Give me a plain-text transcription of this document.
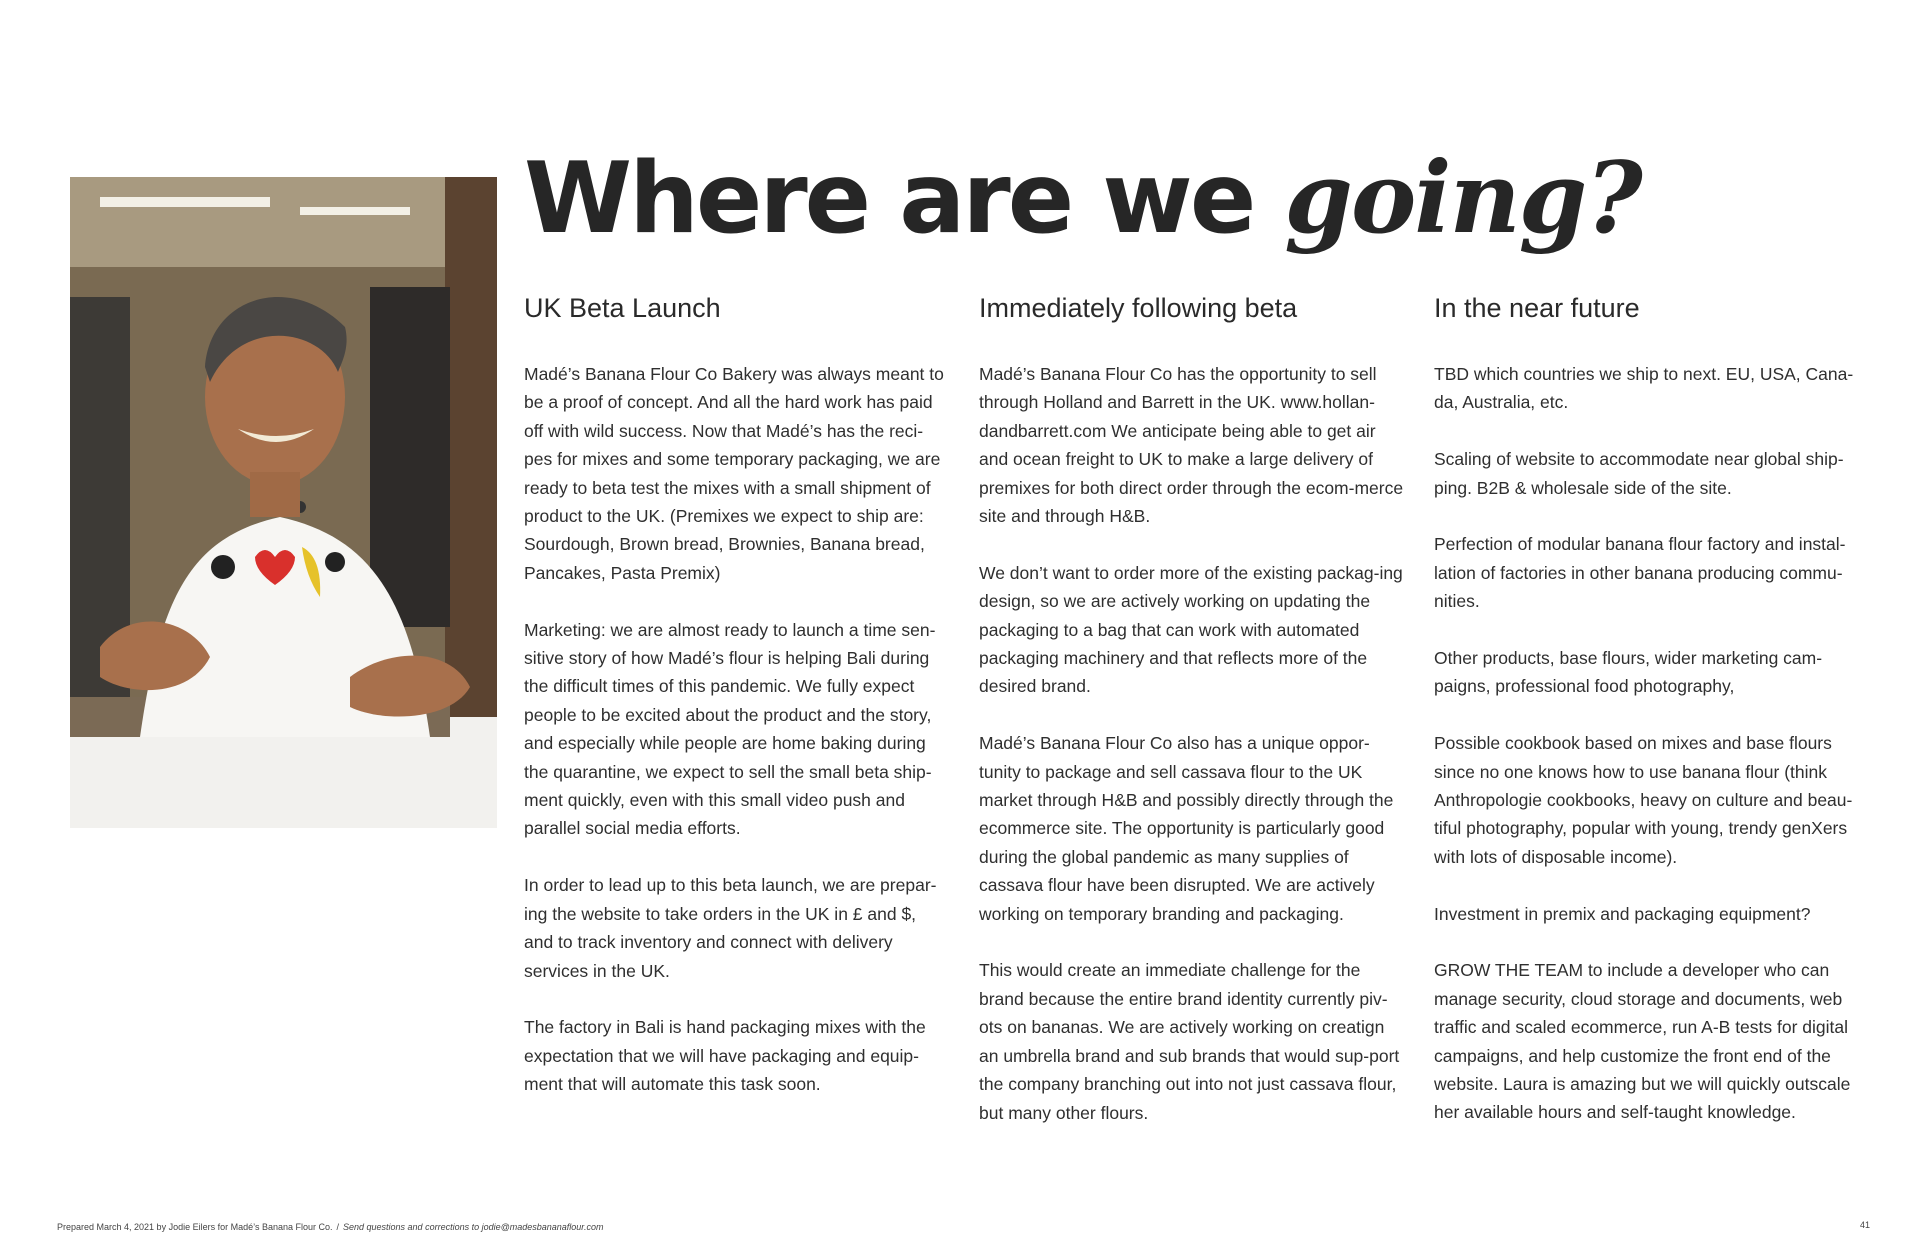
Where are we going?
UK Beta Launch

Madé’s Banana Flour Co Bakery was always meant to be a proof of concept. And all the hard work has paid off with wild success. Now that Madé’s has the reci-pes for mixes and some temporary packaging, we are ready to beta test the mixes with a small shipment of product to the UK. (Premixes we expect to ship are: Sourdough, Brown bread, Brownies, Banana bread, Pancakes, Pasta Premix)

Marketing: we are almost ready to launch a time sen-sitive story of how Madé’s flour is helping Bali during the difficult times of this pandemic. We fully expect people to be excited about the product and the story, and especially while people are home baking during the quarantine, we expect to sell the small beta ship-ment quickly, even with this small video push and parallel social media efforts.

In order to lead up to this beta launch, we are prepar-ing the website to take orders in the UK in £ and $, and to track inventory and connect with delivery services in the UK.

The factory in Bali is hand packaging mixes with the expectation that we will have packaging and equip-ment that will automate this task soon.

Immediately following beta

Madé’s Banana Flour Co has the opportunity to sell through Holland and Barrett in the UK. www.hollan-dandbarrett.com We anticipate being able to get air and ocean freight to UK to make a large delivery of premixes for both direct order through the ecom-merce site and through H&B.

We don’t want to order more of the existing packag-ing design, so we are actively working on updating the packaging to a bag that can work with automated packaging machinery and that reflects more of the desired brand.

Madé’s Banana Flour Co also has a unique oppor-tunity to package and sell cassava flour to the UK market through H&B and possibly directly through the ecommerce site. The opportunity is particularly good during the global pandemic as many supplies of cassava flour have been disrupted. We are actively working on temporary branding and packaging.

This would create an immediate challenge for the brand because the entire brand identity currently piv-ots on bananas. We are actively working on creatign an umbrella brand and sub brands that would sup-port the company branching out into not just cassava flour, but many other flours.

In the near future

TBD which countries we ship to next. EU, USA, Cana-da, Australia, etc.

Scaling of website to accommodate near global ship-ping. B2B & wholesale side of the site.

Perfection of modular banana flour factory and instal-lation of factories in other banana producing commu-nities.

Other products, base flours, wider marketing cam-paigns, professional food photography,

Possible cookbook based on mixes and base flours since no one knows how to use banana flour (think Anthropologie cookbooks, heavy on culture and beau-tiful photography, popular with young, trendy genXers with lots of disposable income).

Investment in premix and packaging equipment?

GROW THE TEAM to include a developer who can manage security, cloud storage and documents, web traffic and scaled ecommerce, run A-B tests for digital campaigns, and help customize the front end of the website. Laura is amazing but we will quickly outscale her available hours and self-taught knowledge.

Prepared March 4, 2021 by Jodie Eilers for Madé’s Banana Flour Co. / Send questions and corrections to jodie@madesbananaflour.com	41
